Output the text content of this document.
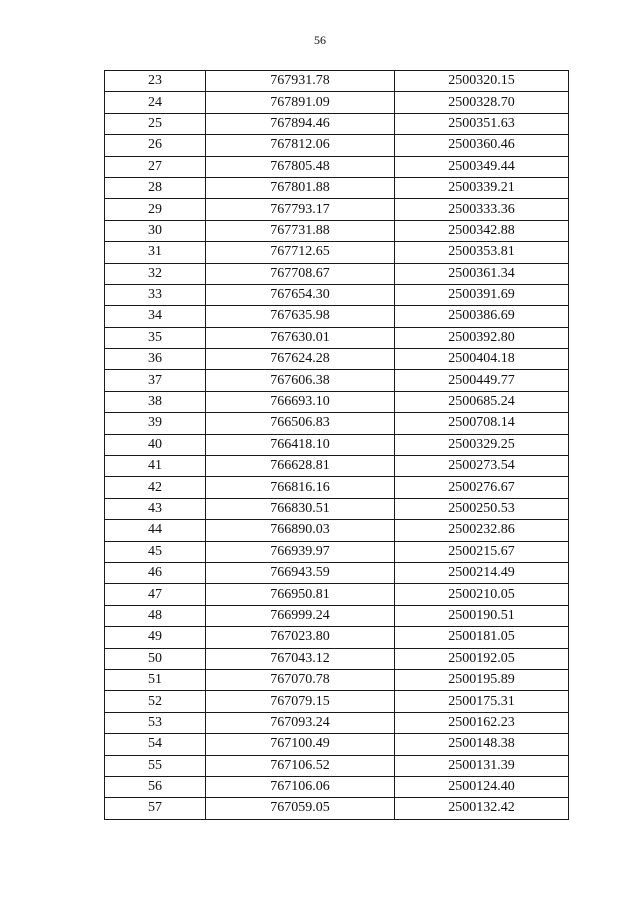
56
23	767931.78	2500320.15
24	767891.09	2500328.70
25	767894.46	2500351.63
26	767812.06	2500360.46
27	767805.48	2500349.44
28	767801.88	2500339.21
29	767793.17	2500333.36
30	767731.88	2500342.88
31	767712.65	2500353.81
32	767708.67	2500361.34
33	767654.30	2500391.69
34	767635.98	2500386.69
35	767630.01	2500392.80
36	767624.28	2500404.18
37	767606.38	2500449.77
38	766693.10	2500685.24
39	766506.83	2500708.14
40	766418.10	2500329.25
41	766628.81	2500273.54
42	766816.16	2500276.67
43	766830.51	2500250.53
44	766890.03	2500232.86
45	766939.97	2500215.67
46	766943.59	2500214.49
47	766950.81	2500210.05
48	766999.24	2500190.51
49	767023.80	2500181.05
50	767043.12	2500192.05
51	767070.78	2500195.89
52	767079.15	2500175.31
53	767093.24	2500162.23
54	767100.49	2500148.38
55	767106.52	2500131.39
56	767106.06	2500124.40
57	767059.05	2500132.42
